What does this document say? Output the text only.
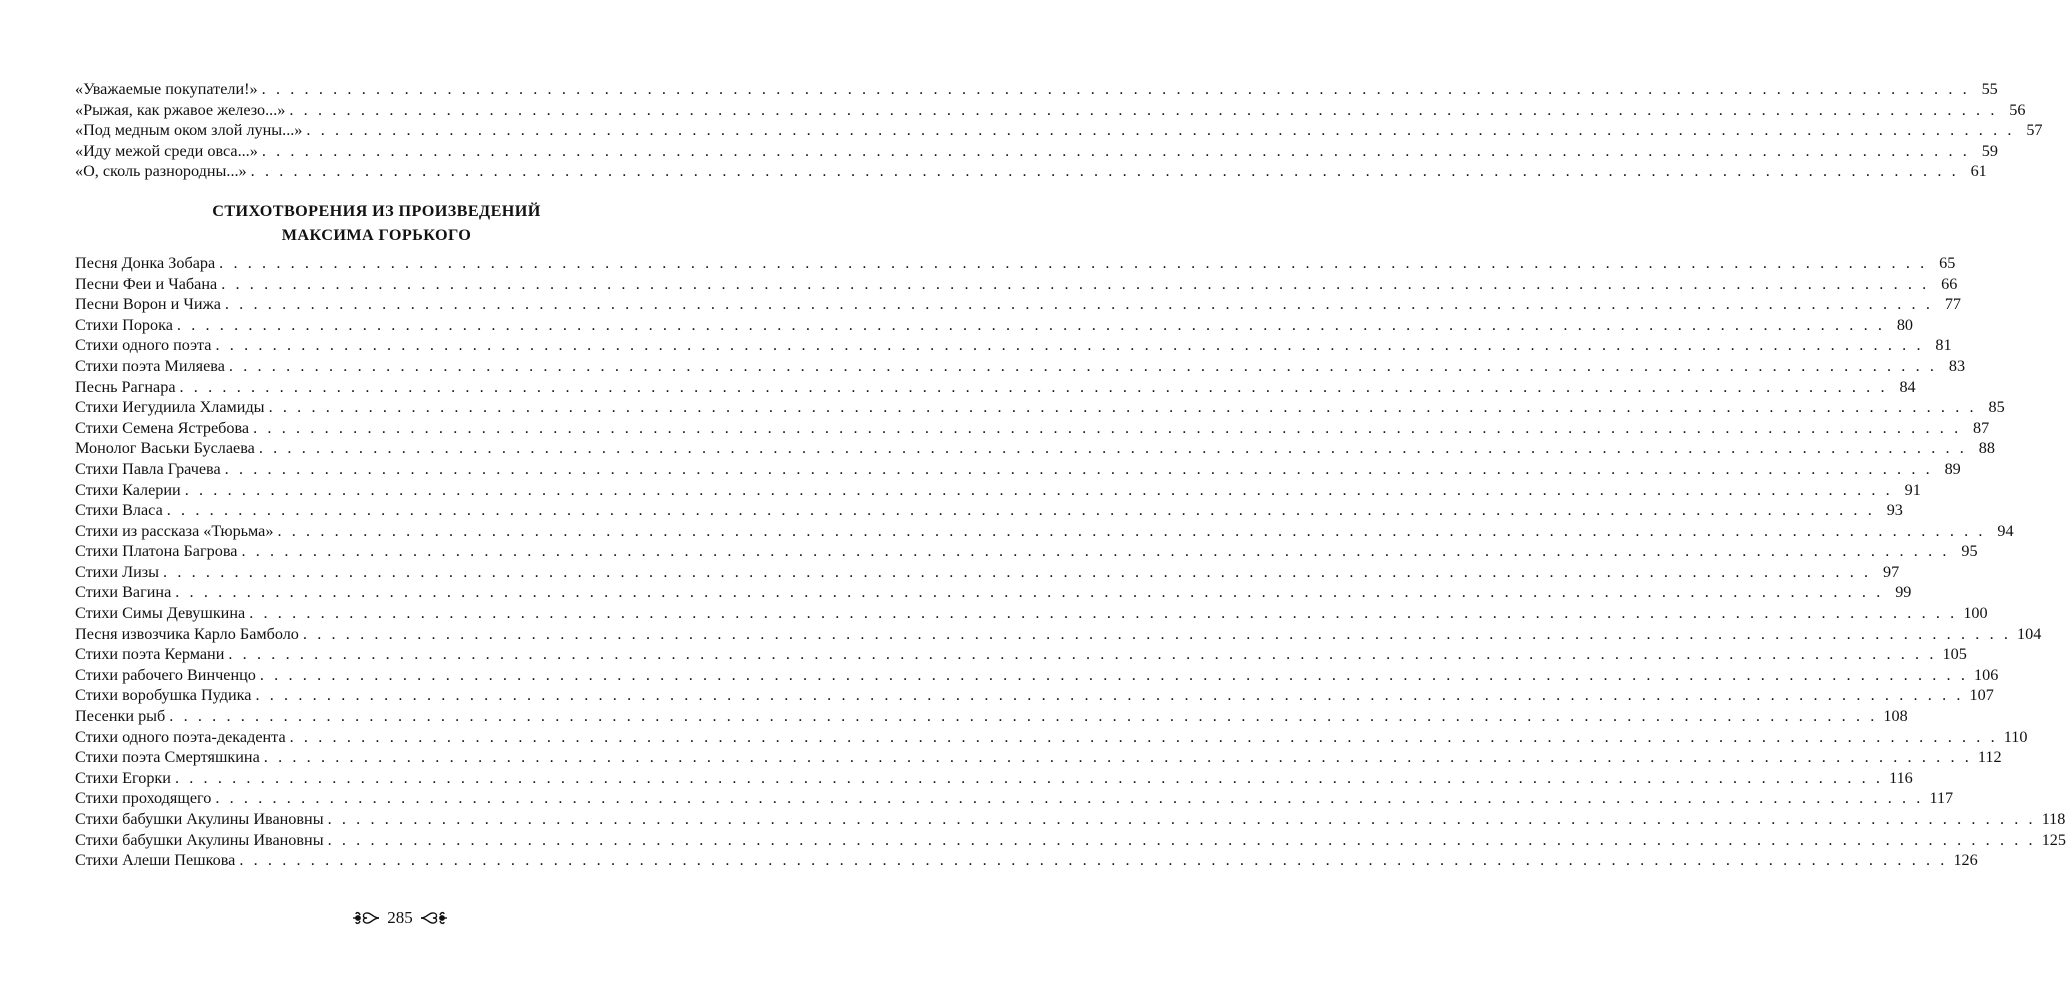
«Уважаемые покупатели!» . . . . . . . . . . . . . . . . . . . . . . . . . . . . . . . . . . . . . . . . . . . . . . . . . . . . . . . . . . . . . . . . . . . . . . . . . . . . . . . . . . . . . . . . . . . . . . . . . . . . . . . . . . . . . . . . . . . . . . . . 55
«Рыжая, как ржавое железо...» . . . . . . . . . . . . . . . . . . . . . . . . . . . . . . . . . . . . . . . . . . . . . . . . . . . . . . . . . . . . . . . . . . . . . . . . . . . . . . . . . . . . . . . . . . . . . . . . . . . . . . . . . . . . . . . . . . . . . . . . 56
«Под медным оком злой луны...» . . . . . . . . . . . . . . . . . . . . . . . . . . . . . . . . . . . . . . . . . . . . . . . . . . . . . . . . . . . . . . . . . . . . . . . . . . . . . . . . . . . . . . . . . . . . . . . . . . . . . . . . . . . . . . . . . . . . . . . . 57
«Иду межой среди овса...» . . . . . . . . . . . . . . . . . . . . . . . . . . . . . . . . . . . . . . . . . . . . . . . . . . . . . . . . . . . . . . . . . . . . . . . . . . . . . . . . . . . . . . . . . . . . . . . . . . . . . . . . . . . . . . . . . . . . . . . . 59
«О, сколь разнородны...» . . . . . . . . . . . . . . . . . . . . . . . . . . . . . . . . . . . . . . . . . . . . . . . . . . . . . . . . . . . . . . . . . . . . . . . . . . . . . . . . . . . . . . . . . . . . . . . . . . . . . . . . . . . . . . . . . . . . . . . . 61
СТИХОТВОРЕНИЯ ИЗ ПРОИЗВЕДЕНИЙ
МАКСИМА ГОРЬКОГО
Песня Донка Зобара . . . . . . . . . . . . . . . . . . . . . . . . . . . . . . . . . . . . . . . . . . . . . . . . . . . . . . . . . . . . . . . . . . . . . . . . . . . . . . . . . . . . . . . . . . . . . . . . . . . . . . . . . . . . . . . . . . . . . . . . 65
Песни Феи и Чабана . . . . . . . . . . . . . . . . . . . . . . . . . . . . . . . . . . . . . . . . . . . . . . . . . . . . . . . . . . . . . . . . . . . . . . . . . . . . . . . . . . . . . . . . . . . . . . . . . . . . . . . . . . . . . . . . . . . . . . . . 66
Песни Ворон и Чижа . . . . . . . . . . . . . . . . . . . . . . . . . . . . . . . . . . . . . . . . . . . . . . . . . . . . . . . . . . . . . . . . . . . . . . . . . . . . . . . . . . . . . . . . . . . . . . . . . . . . . . . . . . . . . . . . . . . . . . . . 77
Стихи Порока . . . . . . . . . . . . . . . . . . . . . . . . . . . . . . . . . . . . . . . . . . . . . . . . . . . . . . . . . . . . . . . . . . . . . . . . . . . . . . . . . . . . . . . . . . . . . . . . . . . . . . . . . . . . . . . . . . . . . . . . 80
Стихи одного поэта . . . . . . . . . . . . . . . . . . . . . . . . . . . . . . . . . . . . . . . . . . . . . . . . . . . . . . . . . . . . . . . . . . . . . . . . . . . . . . . . . . . . . . . . . . . . . . . . . . . . . . . . . . . . . . . . . . . . . . . . 81
Стихи поэта Миляева . . . . . . . . . . . . . . . . . . . . . . . . . . . . . . . . . . . . . . . . . . . . . . . . . . . . . . . . . . . . . . . . . . . . . . . . . . . . . . . . . . . . . . . . . . . . . . . . . . . . . . . . . . . . . . . . . . . . . . . . 83
Песнь Рагнара . . . . . . . . . . . . . . . . . . . . . . . . . . . . . . . . . . . . . . . . . . . . . . . . . . . . . . . . . . . . . . . . . . . . . . . . . . . . . . . . . . . . . . . . . . . . . . . . . . . . . . . . . . . . . . . . . . . . . . . . 84
Стихи Иегудиила Хламиды . . . . . . . . . . . . . . . . . . . . . . . . . . . . . . . . . . . . . . . . . . . . . . . . . . . . . . . . . . . . . . . . . . . . . . . . . . . . . . . . . . . . . . . . . . . . . . . . . . . . . . . . . . . . . . . . . . . . . . . . 85
Стихи Семена Ястребова . . . . . . . . . . . . . . . . . . . . . . . . . . . . . . . . . . . . . . . . . . . . . . . . . . . . . . . . . . . . . . . . . . . . . . . . . . . . . . . . . . . . . . . . . . . . . . . . . . . . . . . . . . . . . . . . . . . . . . . . 87
Монолог Васьки Буслаева . . . . . . . . . . . . . . . . . . . . . . . . . . . . . . . . . . . . . . . . . . . . . . . . . . . . . . . . . . . . . . . . . . . . . . . . . . . . . . . . . . . . . . . . . . . . . . . . . . . . . . . . . . . . . . . . . . . . . . . . 88
Стихи Павла Грачева . . . . . . . . . . . . . . . . . . . . . . . . . . . . . . . . . . . . . . . . . . . . . . . . . . . . . . . . . . . . . . . . . . . . . . . . . . . . . . . . . . . . . . . . . . . . . . . . . . . . . . . . . . . . . . . . . . . . . . . . 89
Стихи Калерии . . . . . . . . . . . . . . . . . . . . . . . . . . . . . . . . . . . . . . . . . . . . . . . . . . . . . . . . . . . . . . . . . . . . . . . . . . . . . . . . . . . . . . . . . . . . . . . . . . . . . . . . . . . . . . . . . . . . . . . . 91
Стихи Власа . . . . . . . . . . . . . . . . . . . . . . . . . . . . . . . . . . . . . . . . . . . . . . . . . . . . . . . . . . . . . . . . . . . . . . . . . . . . . . . . . . . . . . . . . . . . . . . . . . . . . . . . . . . . . . . . . . . . . . . . 93
Стихи из рассказа «Тюрьма» . . . . . . . . . . . . . . . . . . . . . . . . . . . . . . . . . . . . . . . . . . . . . . . . . . . . . . . . . . . . . . . . . . . . . . . . . . . . . . . . . . . . . . . . . . . . . . . . . . . . . . . . . . . . . . . . . . . . . . . . 94
Стихи Платона Багрова . . . . . . . . . . . . . . . . . . . . . . . . . . . . . . . . . . . . . . . . . . . . . . . . . . . . . . . . . . . . . . . . . . . . . . . . . . . . . . . . . . . . . . . . . . . . . . . . . . . . . . . . . . . . . . . . . . . . . . . . 95
Стихи Лизы . . . . . . . . . . . . . . . . . . . . . . . . . . . . . . . . . . . . . . . . . . . . . . . . . . . . . . . . . . . . . . . . . . . . . . . . . . . . . . . . . . . . . . . . . . . . . . . . . . . . . . . . . . . . . . . . . . . . . . . . 97
Стихи Вагина . . . . . . . . . . . . . . . . . . . . . . . . . . . . . . . . . . . . . . . . . . . . . . . . . . . . . . . . . . . . . . . . . . . . . . . . . . . . . . . . . . . . . . . . . . . . . . . . . . . . . . . . . . . . . . . . . . . . . . . . 99
Стихи Симы Девушкина . . . . . . . . . . . . . . . . . . . . . . . . . . . . . . . . . . . . . . . . . . . . . . . . . . . . . . . . . . . . . . . . . . . . . . . . . . . . . . . . . . . . . . . . . . . . . . . . . . . . . . . . . . . . . . . . . . . . . . . . 100
Песня извозчика Карло Бамболо . . . . . . . . . . . . . . . . . . . . . . . . . . . . . . . . . . . . . . . . . . . . . . . . . . . . . . . . . . . . . . . . . . . . . . . . . . . . . . . . . . . . . . . . . . . . . . . . . . . . . . . . . . . . . . . . . . . . . . . . 104
Стихи поэта Кермани . . . . . . . . . . . . . . . . . . . . . . . . . . . . . . . . . . . . . . . . . . . . . . . . . . . . . . . . . . . . . . . . . . . . . . . . . . . . . . . . . . . . . . . . . . . . . . . . . . . . . . . . . . . . . . . . . . . . . . . . 105
Стихи рабочего Винченцо . . . . . . . . . . . . . . . . . . . . . . . . . . . . . . . . . . . . . . . . . . . . . . . . . . . . . . . . . . . . . . . . . . . . . . . . . . . . . . . . . . . . . . . . . . . . . . . . . . . . . . . . . . . . . . . . . . . . . . . . 106
Стихи воробушка Пудика . . . . . . . . . . . . . . . . . . . . . . . . . . . . . . . . . . . . . . . . . . . . . . . . . . . . . . . . . . . . . . . . . . . . . . . . . . . . . . . . . . . . . . . . . . . . . . . . . . . . . . . . . . . . . . . . . . . . . . . . 107
Песенки рыб . . . . . . . . . . . . . . . . . . . . . . . . . . . . . . . . . . . . . . . . . . . . . . . . . . . . . . . . . . . . . . . . . . . . . . . . . . . . . . . . . . . . . . . . . . . . . . . . . . . . . . . . . . . . . . . . . . . . . . . . 108
Стихи одного поэта-декадента . . . . . . . . . . . . . . . . . . . . . . . . . . . . . . . . . . . . . . . . . . . . . . . . . . . . . . . . . . . . . . . . . . . . . . . . . . . . . . . . . . . . . . . . . . . . . . . . . . . . . . . . . . . . . . . . . . . . . . . . 110
Стихи поэта Смертяшкина . . . . . . . . . . . . . . . . . . . . . . . . . . . . . . . . . . . . . . . . . . . . . . . . . . . . . . . . . . . . . . . . . . . . . . . . . . . . . . . . . . . . . . . . . . . . . . . . . . . . . . . . . . . . . . . . . . . . . . . . 112
Стихи Егорки . . . . . . . . . . . . . . . . . . . . . . . . . . . . . . . . . . . . . . . . . . . . . . . . . . . . . . . . . . . . . . . . . . . . . . . . . . . . . . . . . . . . . . . . . . . . . . . . . . . . . . . . . . . . . . . . . . . . . . . . 116
Стихи проходящего . . . . . . . . . . . . . . . . . . . . . . . . . . . . . . . . . . . . . . . . . . . . . . . . . . . . . . . . . . . . . . . . . . . . . . . . . . . . . . . . . . . . . . . . . . . . . . . . . . . . . . . . . . . . . . . . . . . . . . . . 117
Стихи бабушки Акулины Ивановны . . . . . . . . . . . . . . . . . . . . . . . . . . . . . . . . . . . . . . . . . . . . . . . . . . . . . . . . . . . . . . . . . . . . . . . . . . . . . . . . . . . . . . . . . . . . . . . . . . . . . . . . . . . . . . . . . . . . . . . . 118
Стихи бабушки Акулины Ивановны . . . . . . . . . . . . . . . . . . . . . . . . . . . . . . . . . . . . . . . . . . . . . . . . . . . . . . . . . . . . . . . . . . . . . . . . . . . . . . . . . . . . . . . . . . . . . . . . . . . . . . . . . . . . . . . . . . . . . . . . 125
Стихи Алеши Пешкова . . . . . . . . . . . . . . . . . . . . . . . . . . . . . . . . . . . . . . . . . . . . . . . . . . . . . . . . . . . . . . . . . . . . . . . . . . . . . . . . . . . . . . . . . . . . . . . . . . . . . . . . . . . . . . . . . . . . . . . . 126
285
